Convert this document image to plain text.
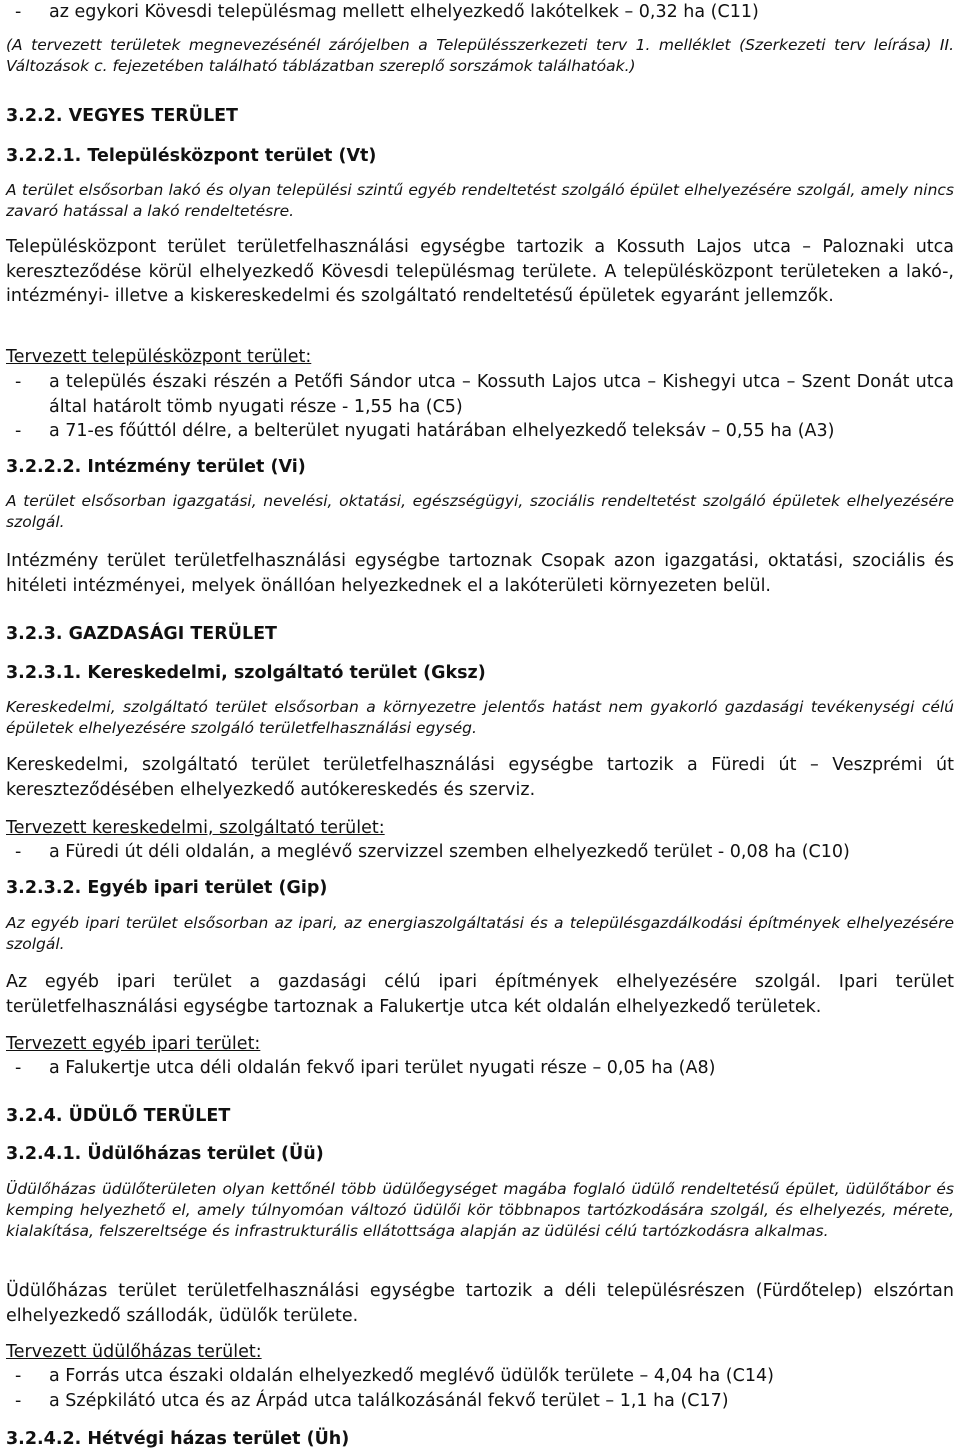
- az egykori Kövesdi településmag mellett elhelyezkedő lakótelkek – 0,32 ha (C11)

(A tervezett területek megnevezésénél zárójelben a Településszerkezeti terv 1. melléklet (Szerkezeti terv leírása) II. Változások c. fejezetében található táblázatban szereplő sorszámok találhatóak.)

3.2.2. VEGYES TERÜLET

3.2.2.1. Településközpont terület (Vt)

A terület elsősorban lakó és olyan települési szintű egyéb rendeltetést szolgáló épület elhelyezésére szolgál, amely nincs zavaró hatással a lakó rendeltetésre.

Településközpont terület területfelhasználási egységbe tartozik a Kossuth Lajos utca – Paloznaki utca kereszteződése körül elhelyezkedő Kövesdi településmag területe. A településközpont területeken a lakó-, intézményi- illetve a kiskereskedelmi és szolgáltató rendeltetésű épületek egyaránt jellemzők.

Tervezett településközpont terület:

- a település északi részén a Petőfi Sándor utca – Kossuth Lajos utca – Kishegyi utca – Szent Donát utca által határolt tömb nyugati része - 1,55 ha (C5)

- a 71-es főúttól délre, a belterület nyugati határában elhelyezkedő teleksáv – 0,55 ha (A3)

3.2.2.2. Intézmény terület (Vi)

A terület elsősorban igazgatási, nevelési, oktatási, egészségügyi, szociális rendeltetést szolgáló épületek elhelyezésére szolgál.

Intézmény terület területfelhasználási egységbe tartoznak Csopak azon igazgatási, oktatási, szociális és hitéleti intézményei, melyek önállóan helyezkednek el a lakóterületi környezeten belül.

3.2.3. GAZDASÁGI TERÜLET

3.2.3.1. Kereskedelmi, szolgáltató terület (Gksz)

Kereskedelmi, szolgáltató terület elsősorban a környezetre jelentős hatást nem gyakorló gazdasági tevékenységi célú épületek elhelyezésére szolgáló területfelhasználási egység.

Kereskedelmi, szolgáltató terület területfelhasználási egységbe tartozik a Füredi út – Veszprémi út kereszteződésében elhelyezkedő autókereskedés és szerviz.

Tervezett kereskedelmi, szolgáltató terület:

- a Füredi út déli oldalán, a meglévő szervizzel szemben elhelyezkedő terület - 0,08 ha (C10)

3.2.3.2. Egyéb ipari terület (Gip)

Az egyéb ipari terület elsősorban az ipari, az energiaszolgáltatási és a településgazdálkodási építmények elhelyezésére szolgál.

Az egyéb ipari terület a gazdasági célú ipari építmények elhelyezésére szolgál. Ipari terület területfelhasználási egységbe tartoznak a Falukertje utca két oldalán elhelyezkedő területek.

Tervezett egyéb ipari terület:

- a Falukertje utca déli oldalán fekvő ipari terület nyugati része – 0,05 ha (A8)

3.2.4. ÜDÜLŐ TERÜLET

3.2.4.1. Üdülőházas terület (Üü)

Üdülőházas üdülőterületen olyan kettőnél több üdülőegységet magába foglaló üdülő rendeltetésű épület, üdülőtábor és kemping helyezhető el, amely túlnyomóan változó üdülői kör többnapos tartózkodására szolgál, és elhelyezés, mérete, kialakítása, felszereltsége és infrastrukturális ellátottsága alapján az üdülési célú tartózkodásra alkalmas.

Üdülőházas terület területfelhasználási egységbe tartozik a déli településrészen (Fürdőtelep) elszórtan elhelyezkedő szállodák, üdülők területe.

Tervezett üdülőházas terület:

- a Forrás utca északi oldalán elhelyezkedő meglévő üdülők területe – 4,04 ha (C14)

- a Szépkilátó utca és az Árpád utca találkozásánál fekvő terület – 1,1 ha (C17)

3.2.4.2. Hétvégi házas terület (Üh)
